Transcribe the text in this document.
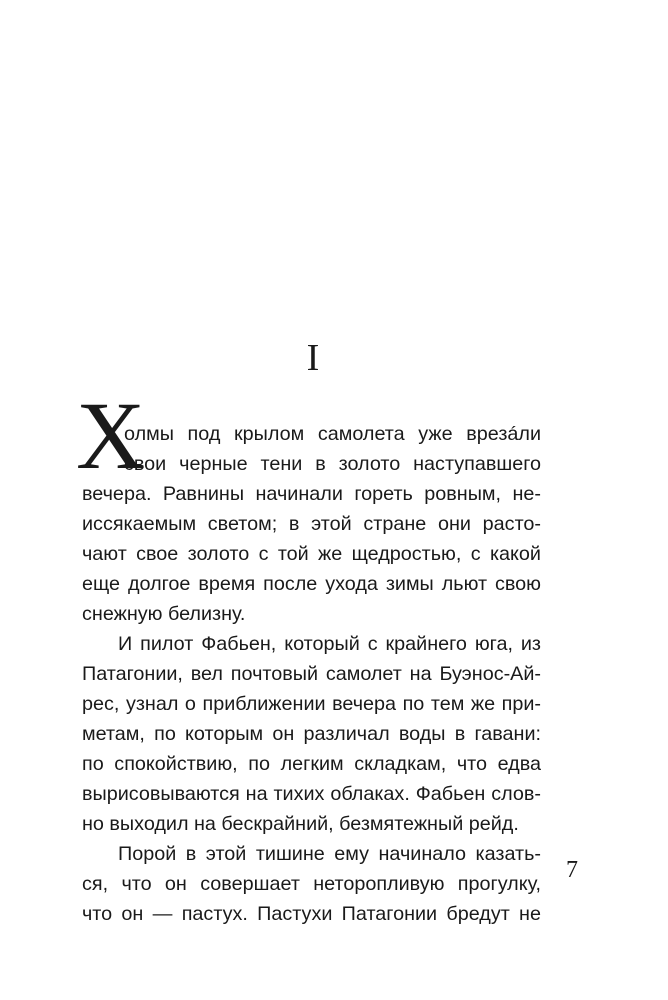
I
Х
олмы под крылом самолета уже врезáли
свои черные тени в золото наступавшего
вечера. Равнины начинали гореть ровным, не-
иссякаемым светом; в этой стране они расто-
чают свое золото с той же щедростью, с какой
еще долгое время после ухода зимы льют свою
снежную белизну.
И пилот Фабьен, который с крайнего юга, из
Патагонии, вел почтовый самолет на Буэнос-Ай-
рес, узнал о приближении вечера по тем же при-
метам, по которым он различал воды в гавани:
по спокойствию, по легким складкам, что едва
вырисовываются на тихих облаках. Фабьен слов-
но выходил на бескрайний, безмятежный рейд.
Порой в этой тишине ему начинало казать-
ся, что он совершает неторопливую прогулку,
что он — пастух. Пастухи Патагонии бредут не
7
